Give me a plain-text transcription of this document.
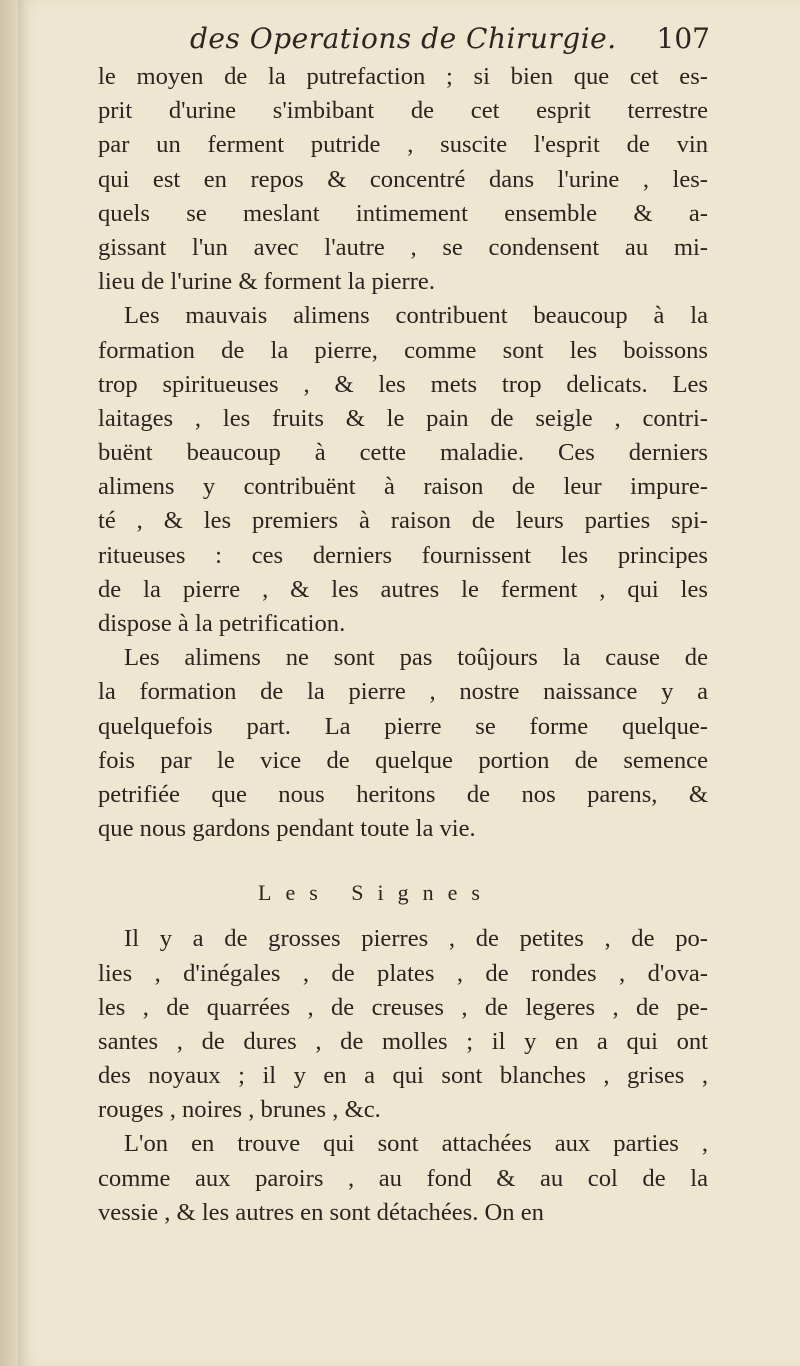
des Operations de Chirurgie. 107
le moyen de la putrefaction ; si bien que cet es-
prit d'urine s'imbibant de cet esprit terrestre
par un ferment putride , suscite l'esprit de vin
qui est en repos & concentré dans l'urine , les-
quels se meslant intimement ensemble & a-
gissant l'un avec l'autre , se condensent au mi-
lieu de l'urine & forment la pierre.
Les mauvais alimens contribuent beaucoup à la
formation de la pierre, comme sont les boissons
trop spiritueuses , & les mets trop delicats. Les
laitages , les fruits & le pain de seigle , contri-
buënt beaucoup à cette maladie. Ces derniers
alimens y contribuënt à raison de leur impure-
té , & les premiers à raison de leurs parties spi-
ritueuses : ces derniers fournissent les principes
de la pierre , & les autres le ferment , qui les
dispose à la petrification.
Les alimens ne sont pas toûjours la cause de
la formation de la pierre , nostre naissance y a
quelquefois part. La pierre se forme quelque-
fois par le vice de quelque portion de semence
petrifiée que nous heritons de nos parens, &
que nous gardons pendant toute la vie.
Les Signes
Il y a de grosses pierres , de petites , de po-
lies , d'inégales , de plates , de rondes , d'ova-
les , de quarrées , de creuses , de legeres , de pe-
santes , de dures , de molles ; il y en a qui ont
des noyaux ; il y en a qui sont blanches , grises ,
rouges , noires , brunes , &c.
L'on en trouve qui sont attachées aux parties ,
comme aux paroirs , au fond & au col de la
vessie , & les autres en sont détachées. On en
